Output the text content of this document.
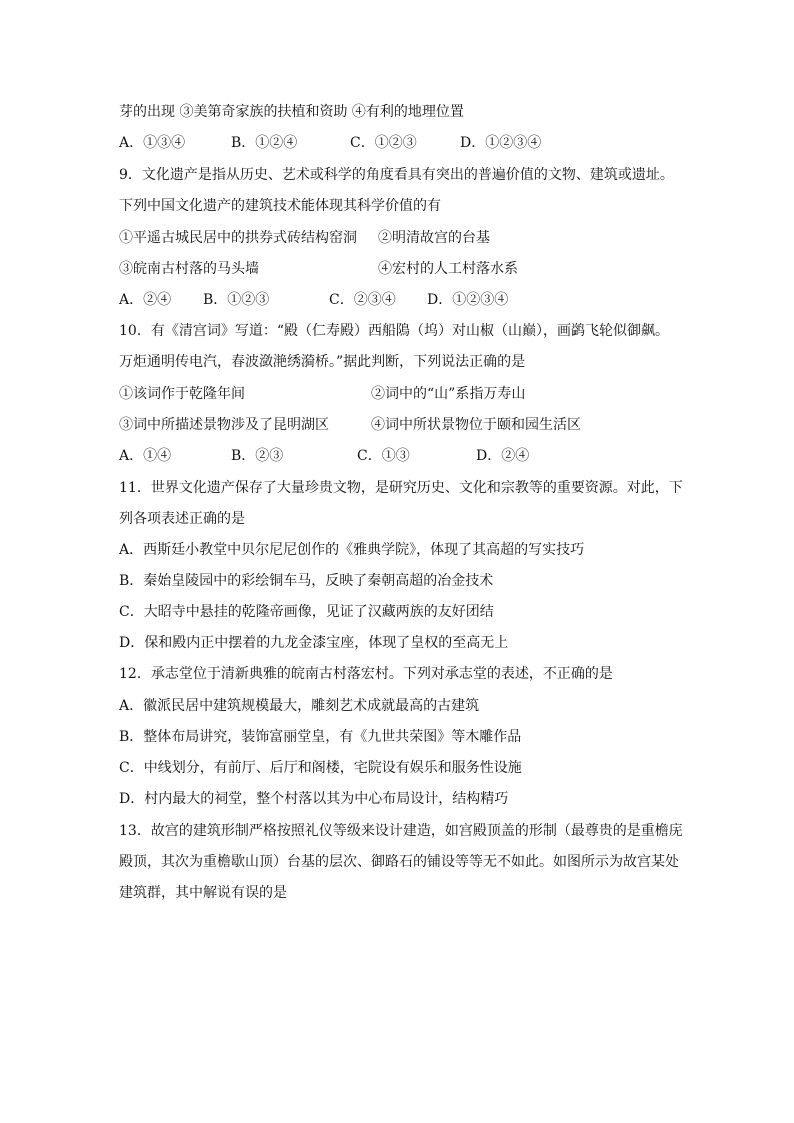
芽的出现 ③美第奇家族的扶植和资助 ④有利的地理位置
A．①③④	B．①②④	C．①②③	D．①②③④
9．文化遗产是指从历史、艺术或科学的角度看具有突出的普遍价值的文物、建筑或遗址。
下列中国文化遗产的建筑技术能体现其科学价值的有
①平遥古城民居中的拱券式砖结构窑洞 ②明清故宫的台基
③皖南古村落的马头墙	④宏村的人工村落水系
A．②④ B．①②③	C．②③④ D．①②③④
10．有《清宫词》写道：“殿（仁寿殿）西船隝（坞）对山椒（山巅），画鹢飞轮似御飙。
万炬通明传电汽，春波潋滟绣漪桥。”据此判断，下列说法正确的是
①该词作于乾隆年间	②词中的“山”系指万寿山
③词中所描述景物涉及了昆明湖区	④词中所状景物位于颐和园生活区
A．①④	B．②③	C．①③	D．②④
11．世界文化遗产保存了大量珍贵文物，是研究历史、文化和宗教等的重要资源。对此，下
列各项表述正确的是
A．西斯廷小教堂中贝尔尼尼创作的《雅典学院》，体现了其高超的写实技巧
B．秦始皇陵园中的彩绘铜车马，反映了秦朝高超的冶金技术
C．大昭寺中悬挂的乾隆帝画像，见证了汉藏两族的友好团结
D．保和殿内正中摆着的九龙金漆宝座，体现了皇权的至高无上
12．承志堂位于清新典雅的皖南古村落宏村。下列对承志堂的表述，不正确的是
A．徽派民居中建筑规模最大，雕刻艺术成就最高的古建筑
B．整体布局讲究，装饰富丽堂皇，有《九世共荣图》等木雕作品
C．中线划分，有前厅、后厅和阁楼，宅院设有娱乐和服务性设施
D．村内最大的祠堂，整个村落以其为中心布局设计，结构精巧
13．故宫的建筑形制严格按照礼仪等级来设计建造，如宫殿顶盖的形制（最尊贵的是重檐庑
殿顶，其次为重檐歇山顶）台基的层次、御路石的铺设等等无不如此。如图所示为故宫某处
建筑群，其中解说有误的是
